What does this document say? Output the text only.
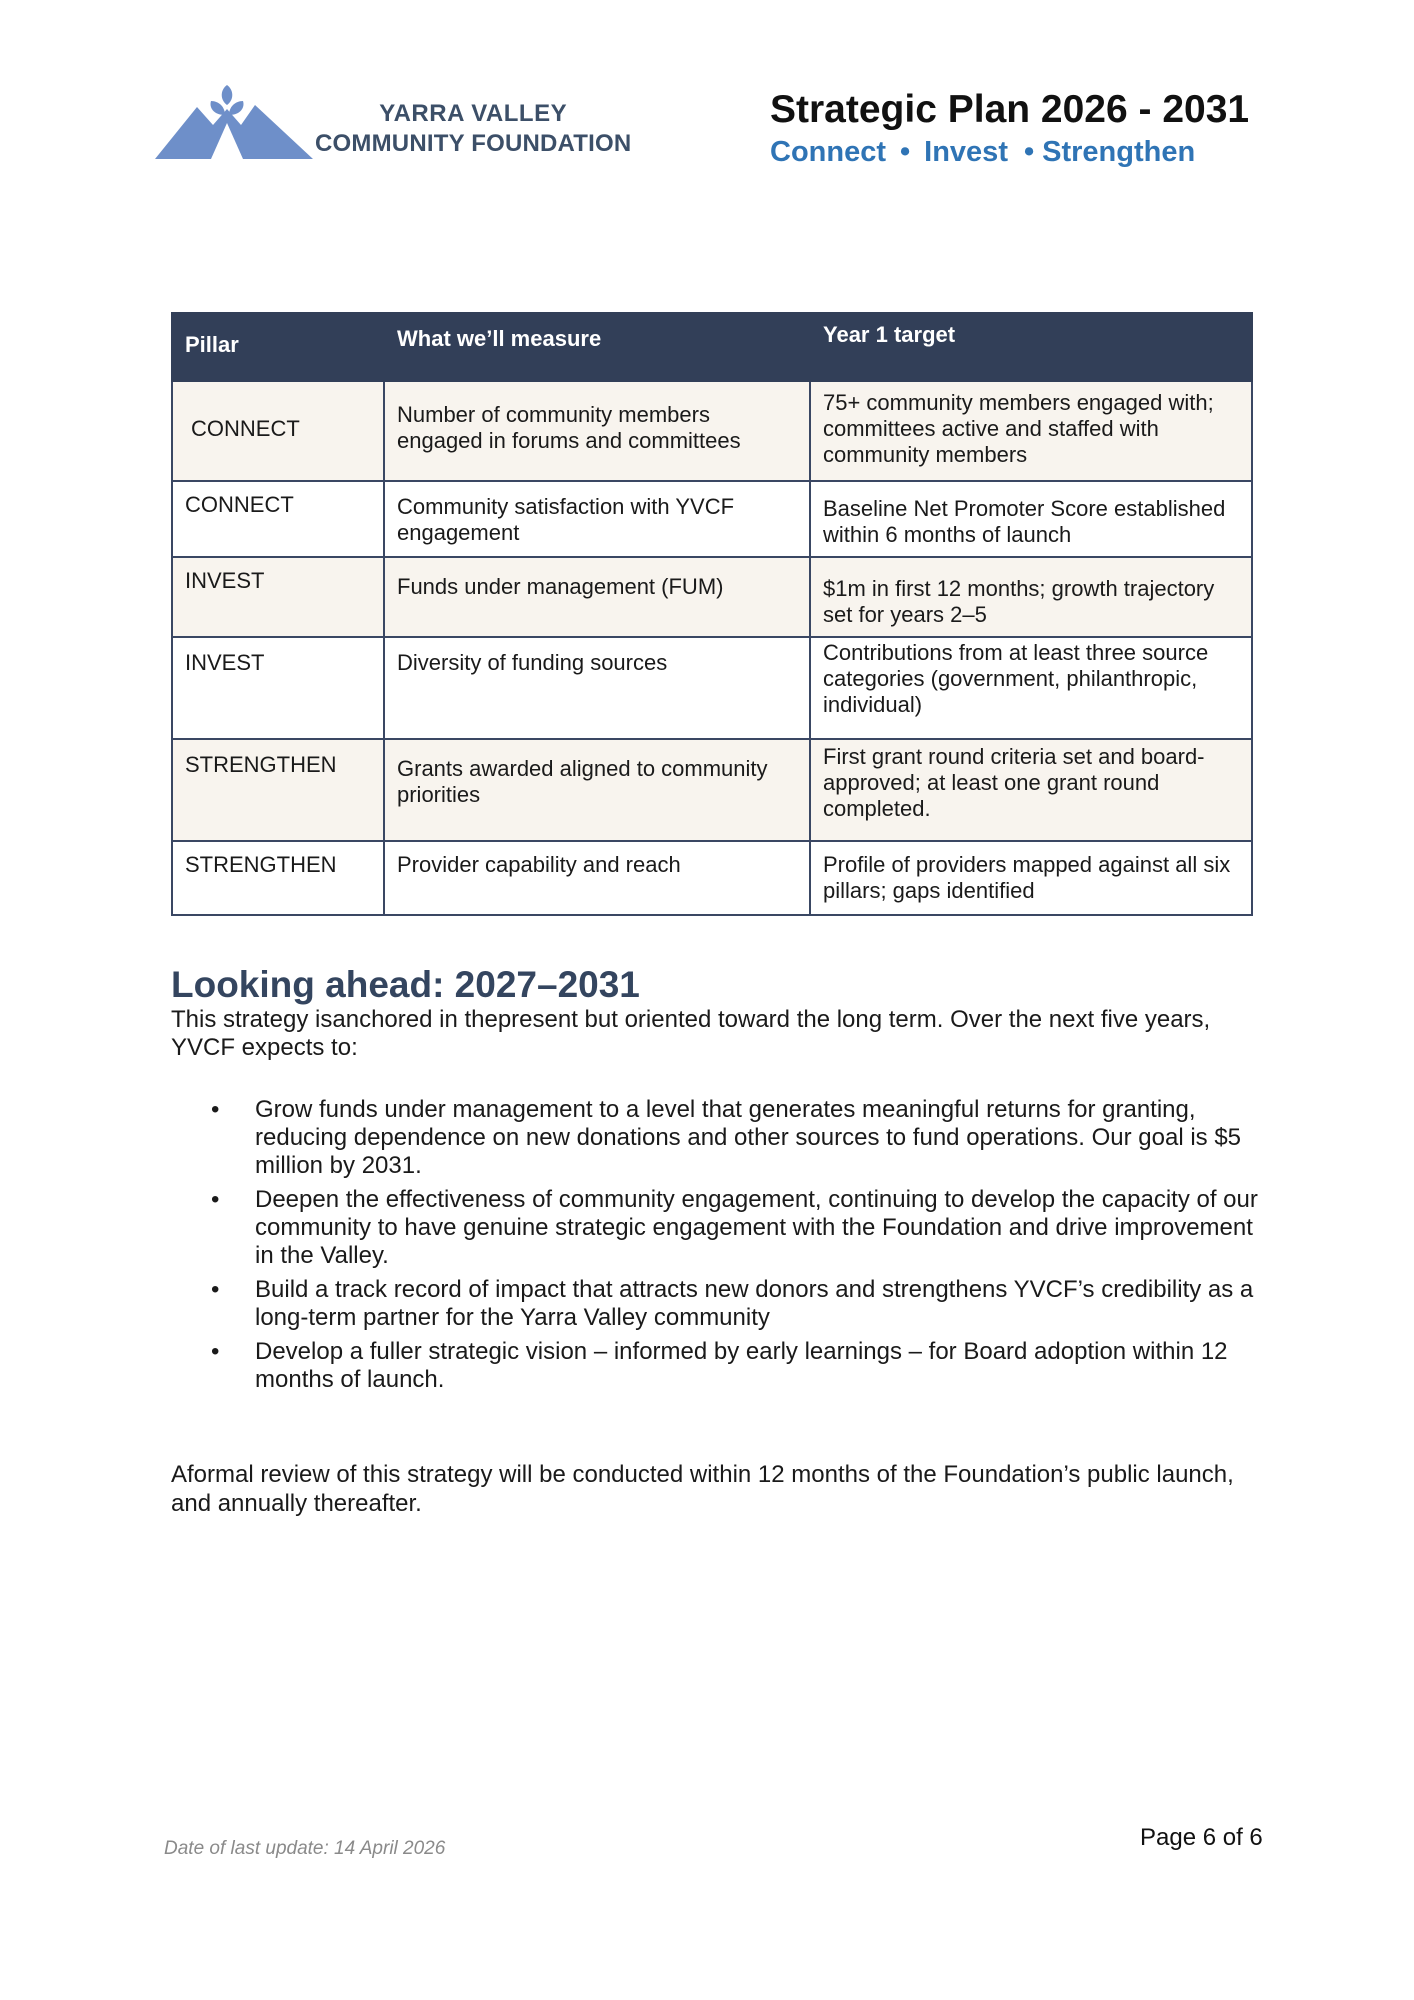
YARRA VALLEY
COMMUNITY FOUNDATION
Strategic Plan 2026 - 2031
Connect • Invest • Strengthen
Pillar	What we’ll measure	Year 1 target
CONNECT	Number of community members engaged in forums and committees	75+ community members engaged with; committees active and staffed with community members
CONNECT	Community satisfaction with YVCF engagement	Baseline Net Promoter Score established within 6 months of launch
INVEST	Funds under management (FUM)	$1m in first 12 months; growth trajectory set for years 2–5
INVEST	Diversity of funding sources	Contributions from at least three source categories (government, philanthropic, individual)
STRENGTHEN	Grants awarded aligned to community priorities	First grant round criteria set and board-approved; at least one grant round completed.
STRENGTHEN	Provider capability and reach	Profile of providers mapped against all six pillars; gaps identified
Looking ahead: 2027–2031

This strategy isanchored in thepresent but oriented toward the long term. Over the next five years, YVCF expects to:

• Grow funds under management to a level that generates meaningful returns for granting, reducing dependence on new donations and other sources to fund operations. Our goal is $5 million by 2031.
• Deepen the effectiveness of community engagement, continuing to develop the capacity of our community to have genuine strategic engagement with the Foundation and drive improvement in the Valley.
• Build a track record of impact that attracts new donors and strengthens YVCF’s credibility as a long-term partner for the Yarra Valley community
• Develop a fuller strategic vision – informed by early learnings – for Board adoption within 12 months of launch.

Aformal review of this strategy will be conducted within 12 months of the Foundation’s public launch, and annually thereafter.

Date of last update: 14 April 2026	Page 6 of 6
